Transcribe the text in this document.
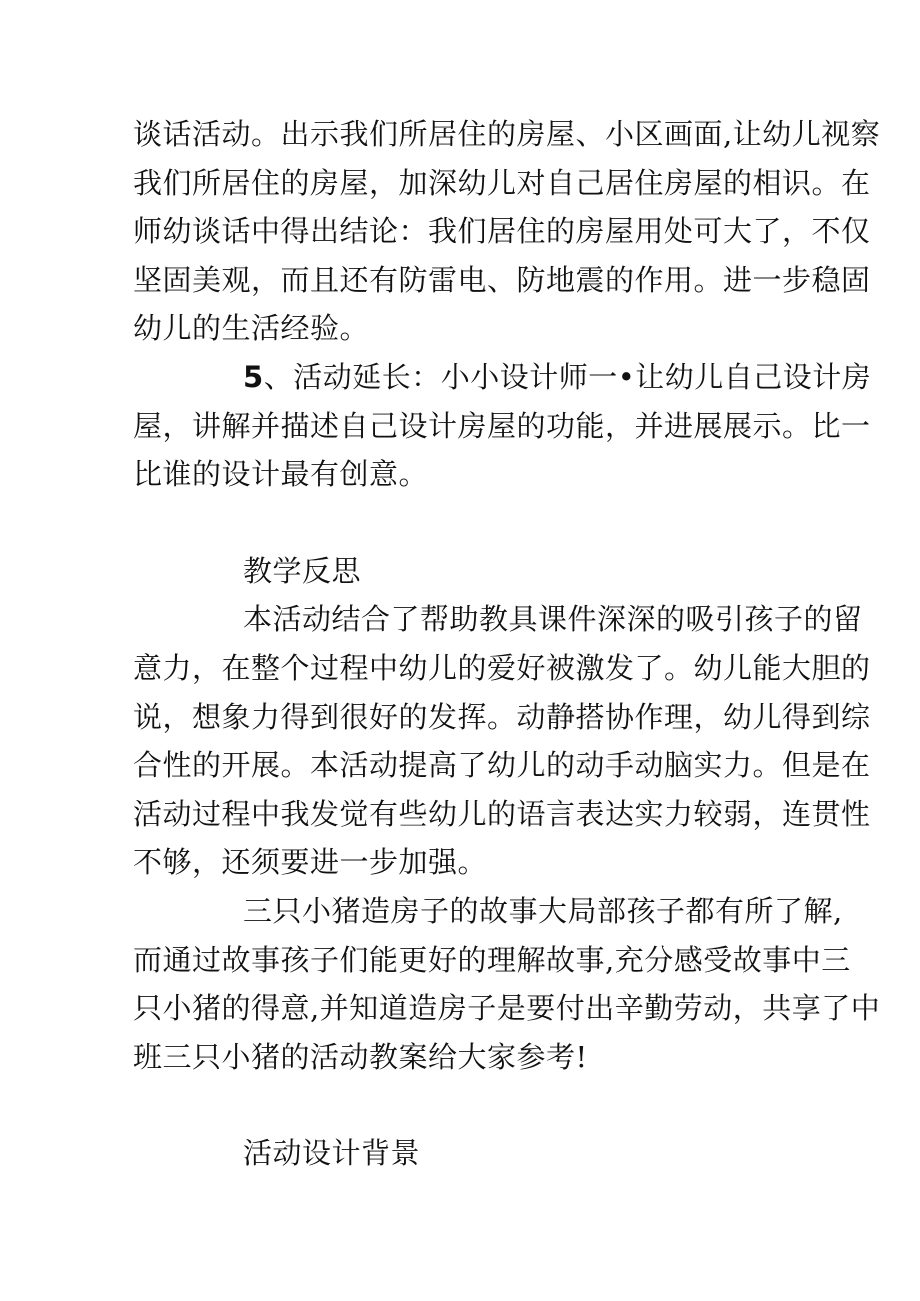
谈话活动。出示我们所居住的房屋、小区画面,让幼儿视察
我们所居住的房屋，加深幼儿对自己居住房屋的相识。在
师幼谈话中得出结论：我们居住的房屋用处可大了，不仅
坚固美观，而且还有防雷电、防地震的作用。进一步稳固
幼儿的生活经验。

5、活动延长：小小设计师一•让幼儿自己设计房
屋，讲解并描述自己设计房屋的功能，并进展展示。比一
比谁的设计最有创意。

教学反思

本活动结合了帮助教具课件深深的吸引孩子的留
意力，在整个过程中幼儿的爱好被激发了。幼儿能大胆的
说，想象力得到很好的发挥。动静搭协作理，幼儿得到综
合性的开展。本活动提高了幼儿的动手动脑实力。但是在
活动过程中我发觉有些幼儿的语言表达实力较弱，连贯性
不够，还须要进一步加强。

三只小猪造房子的故事大局部孩子都有所了解,
而通过故事孩子们能更好的理解故事,充分感受故事中三
只小猪的得意,并知道造房子是要付出辛勤劳动，共享了中
班三只小猪的活动教案给大家参考!

活动设计背景
